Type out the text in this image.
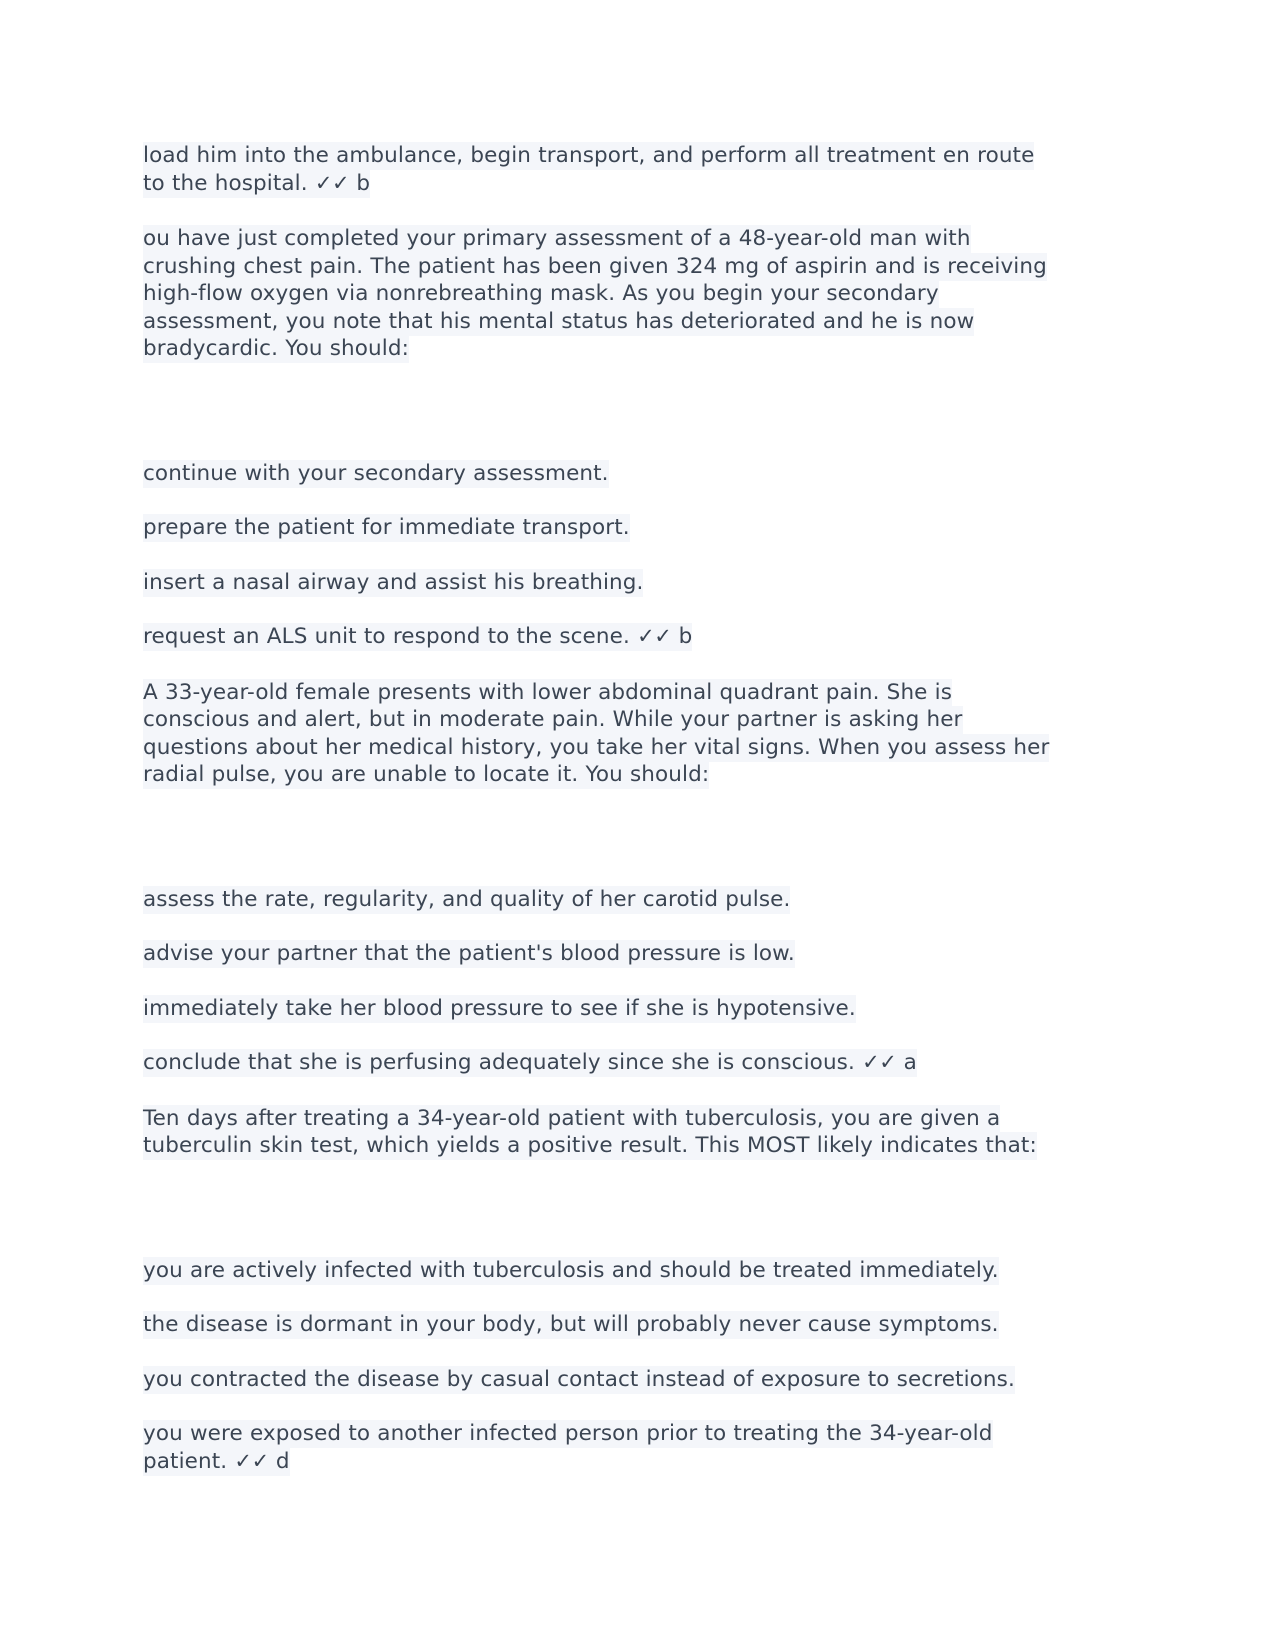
load him into the ambulance, begin transport, and perform all treatment en route to the hospital. ✓✓ b

ou have just completed your primary assessment of a 48-year-old man with crushing chest pain. The patient has been given 324 mg of aspirin and is receiving high-flow oxygen via nonrebreathing mask. As you begin your secondary assessment, you note that his mental status has deteriorated and he is now bradycardic. You should:

continue with your secondary assessment.

prepare the patient for immediate transport.

insert a nasal airway and assist his breathing.

request an ALS unit to respond to the scene. ✓✓ b

A 33-year-old female presents with lower abdominal quadrant pain. She is conscious and alert, but in moderate pain. While your partner is asking her questions about her medical history, you take her vital signs. When you assess her radial pulse, you are unable to locate it. You should:

assess the rate, regularity, and quality of her carotid pulse.

advise your partner that the patient's blood pressure is low.

immediately take her blood pressure to see if she is hypotensive.

conclude that she is perfusing adequately since she is conscious. ✓✓ a

Ten days after treating a 34-year-old patient with tuberculosis, you are given a tuberculin skin test, which yields a positive result. This MOST likely indicates that:

you are actively infected with tuberculosis and should be treated immediately.

the disease is dormant in your body, but will probably never cause symptoms.

you contracted the disease by casual contact instead of exposure to secretions.

you were exposed to another infected person prior to treating the 34-year-old patient. ✓✓ d
